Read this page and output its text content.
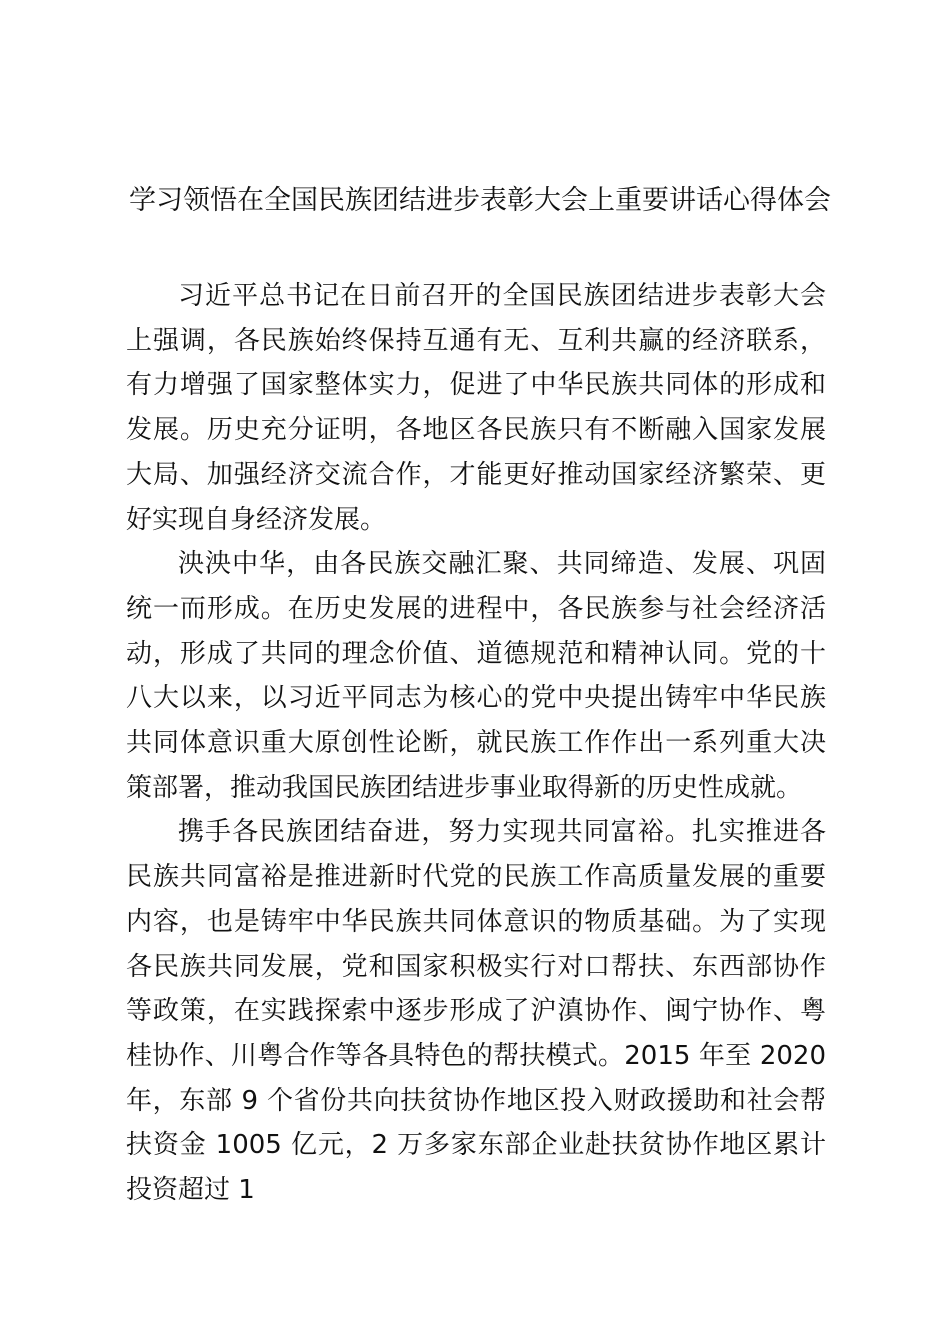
学习领悟在全国民族团结进步表彰大会上重要讲话心得体会

习近平总书记在日前召开的全国民族团结进步表彰大会上强调，各民族始终保持互通有无、互利共赢的经济联系，有力增强了国家整体实力，促进了中华民族共同体的形成和发展。历史充分证明，各地区各民族只有不断融入国家发展大局、加强经济交流合作，才能更好推动国家经济繁荣、更好实现自身经济发展。

泱泱中华，由各民族交融汇聚、共同缔造、发展、巩固统一而形成。在历史发展的进程中，各民族参与社会经济活动，形成了共同的理念价值、道德规范和精神认同。党的十八大以来，以习近平同志为核心的党中央提出铸牢中华民族共同体意识重大原创性论断，就民族工作作出一系列重大决策部署，推动我国民族团结进步事业取得新的历史性成就。

携手各民族团结奋进，努力实现共同富裕。扎实推进各民族共同富裕是推进新时代党的民族工作高质量发展的重要内容，也是铸牢中华民族共同体意识的物质基础。为了实现各民族共同发展，党和国家积极实行对口帮扶、东西部协作等政策，在实践探索中逐步形成了沪滇协作、闽宁协作、粤桂协作、川粤合作等各具特色的帮扶模式。2015 年至 2020 年，东部 9 个省份共向扶贫协作地区投入财政援助和社会帮扶资金 1005 亿元，2 万多家东部企业赴扶贫协作地区累计投资超过 1
